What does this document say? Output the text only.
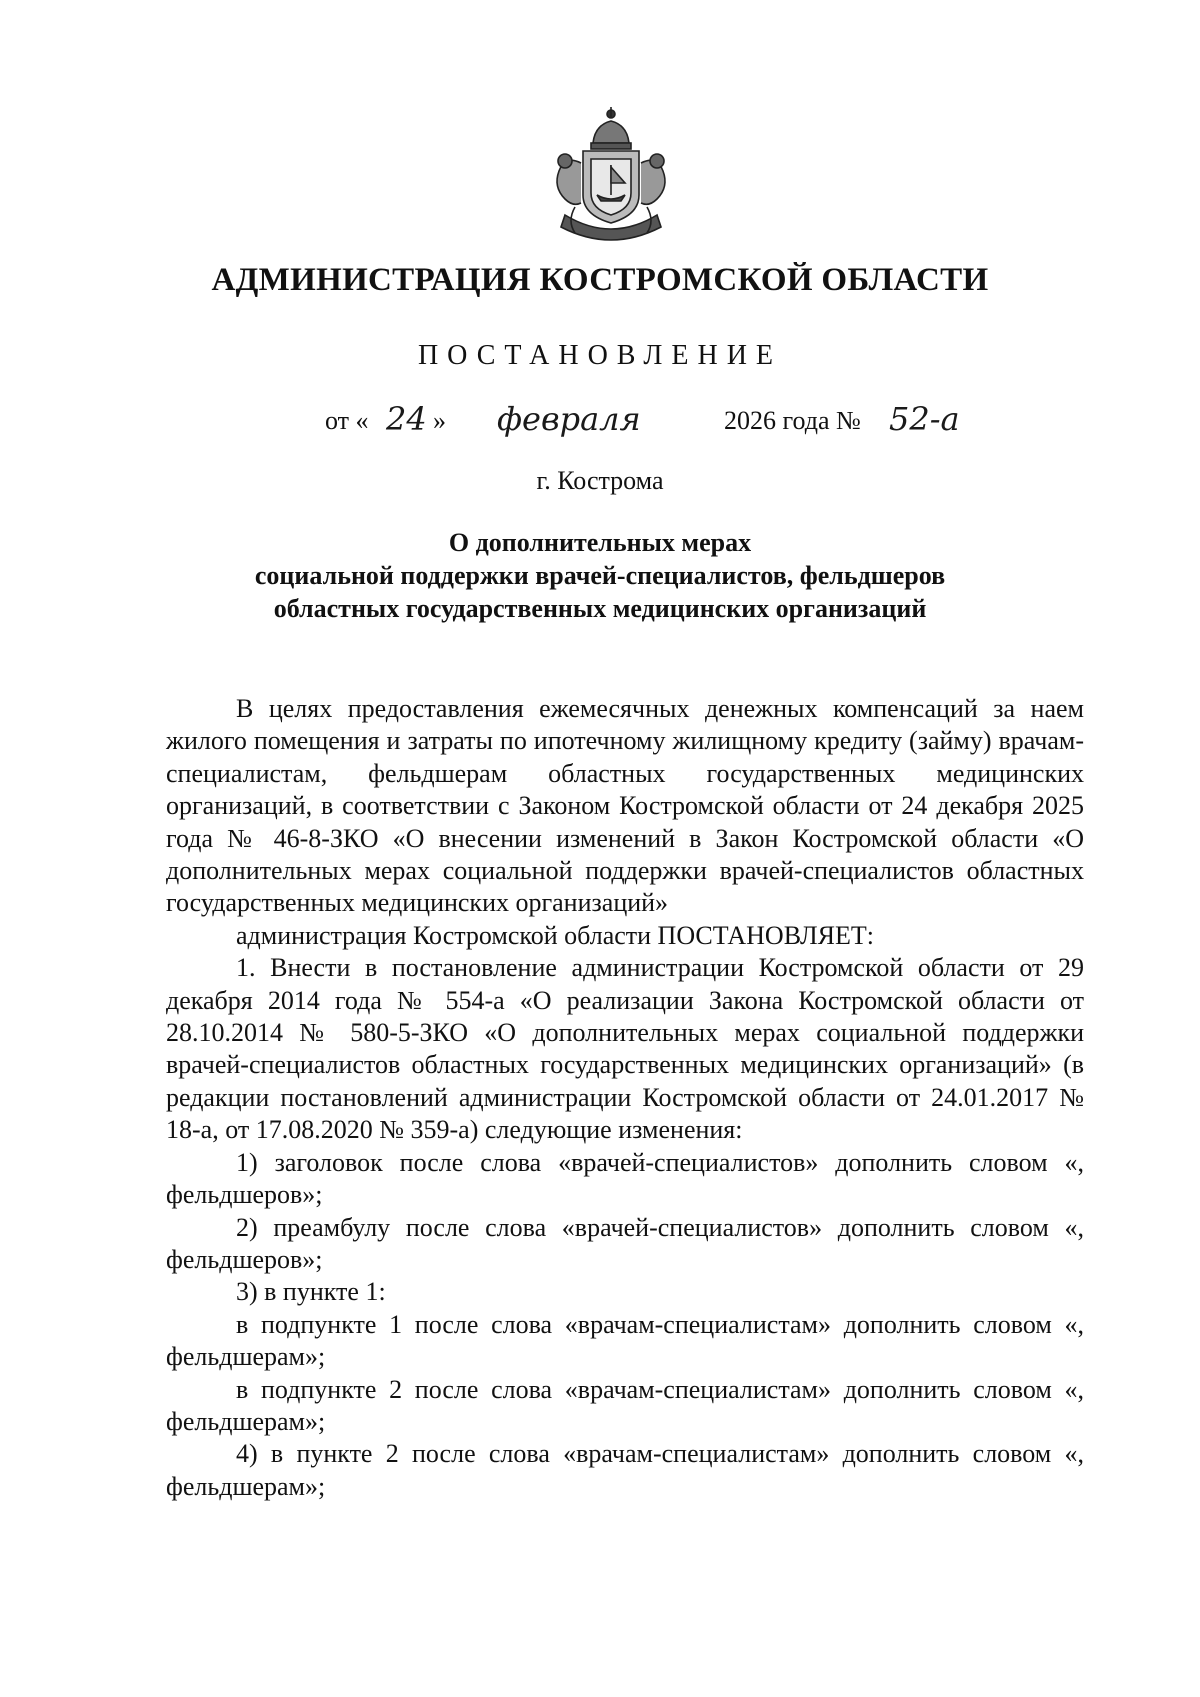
АДМИНИСТРАЦИЯ КОСТРОМСКОЙ ОБЛАСТИ
ПОСТАНОВЛЕНИЕ
от « 24 » февраля	2026 года № 52-а
г. Кострома
О дополнительных мерах
социальной поддержки врачей-специалистов, фельдшеров
областных государственных медицинских организаций

В целях предоставления ежемесячных денежных компенсаций за наем жилого помещения и затраты по ипотечному жилищному кредиту (займу) врачам-специалистам, фельдшерам областных государственных медицинских организаций, в соответствии с Законом Костромской области от 24 декабря 2025 года № 46-8-ЗКО «О внесении изменений в Закон Костромской области «О дополнительных мерах социальной поддержки врачей-специалистов областных государственных медицинских организаций»

администрация Костромской области ПОСТАНОВЛЯЕТ:

1. Внести в постановление администрации Костромской области от 29 декабря 2014 года № 554-а «О реализации Закона Костромской области от 28.10.2014 № 580-5-ЗКО «О дополнительных мерах социальной поддержки врачей-специалистов областных государственных медицинских организаций» (в редакции постановлений администрации Костромской области от 24.01.2017 № 18-а, от 17.08.2020 № 359-а) следующие изменения:

1) заголовок после слова «врачей-специалистов» дополнить словом «, фельдшеров»;

2) преамбулу после слова «врачей-специалистов» дополнить словом «, фельдшеров»;

3) в пункте 1:

в подпункте 1 после слова «врачам-специалистам» дополнить словом «, фельдшерам»;

в подпункте 2 после слова «врачам-специалистам» дополнить словом «, фельдшерам»;

4) в пункте 2 после слова «врачам-специалистам» дополнить словом «, фельдшерам»;
